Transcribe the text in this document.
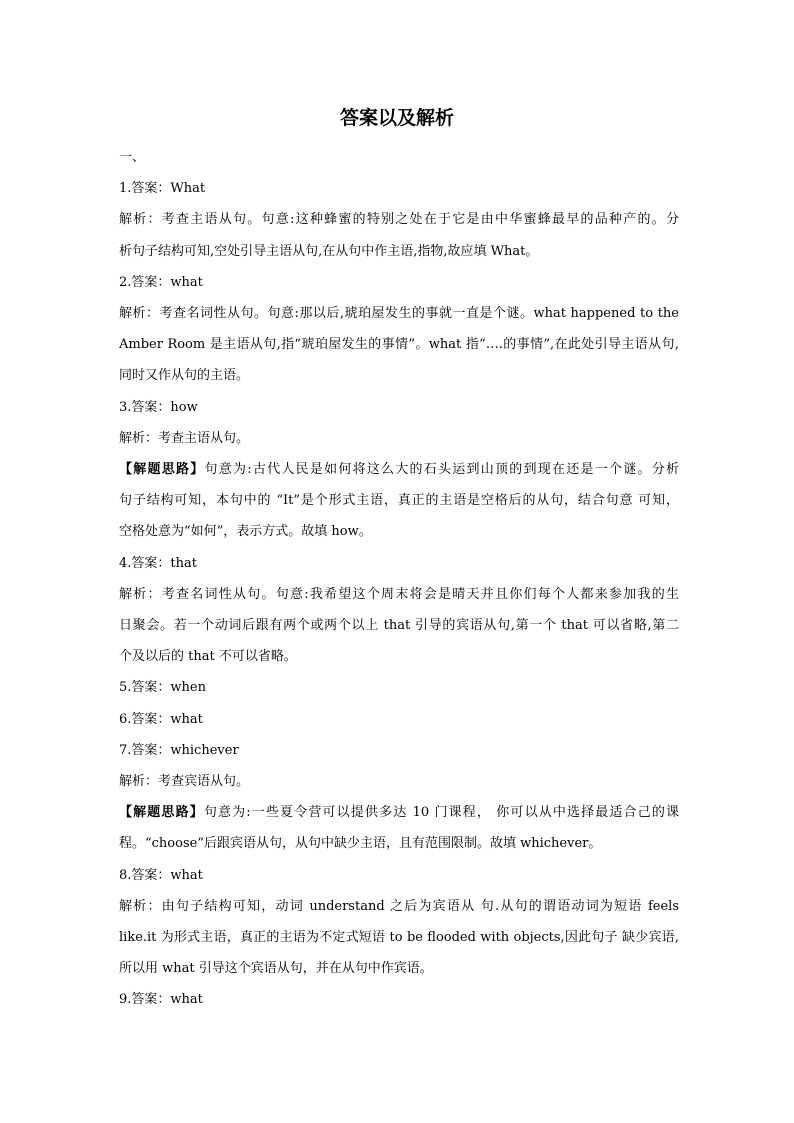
答案以及解析
一、
1.答案：What
解析：考查主语从句。句意:这种蜂蜜的特别之处在于它是由中华蜜蜂最早的品种产的。分
析句子结构可知,空处引导主语从句,在从句中作主语,指物,故应填 What。
2.答案：what
解析：考查名词性从句。句意:那以后,琥珀屋发生的事就一直是个谜。what happened to the
Amber Room 是主语从句,指“琥珀屋发生的事情”。what 指“….的事情”,在此处引导主语从句,
同时又作从句的主语。
3.答案：how
解析：考查主语从句。
【解题思路】句意为:古代人民是如何将这么大的石头运到山顶的到现在还是一个谜。分析
句子结构可知，本句中的 “It”是个形式主语，真正的主语是空格后的从句，结合句意 可知，
空格处意为“如何”，表示方式。故填 how。
4.答案：that
解析：考查名词性从句。句意:我希望这个周末将会是晴天并且你们每个人都来参加我的生
日聚会。若一个动词后跟有两个或两个以上 that 引导的宾语从句,第一个 that 可以省略,第二
个及以后的 that 不可以省略。
5.答案：when
6.答案：what
7.答案：whichever
解析：考查宾语从句。
【解题思路】句意为:一些夏令营可以提供多达 10 门课程， 你可以从中选择最适合己的课
程。“choose”后跟宾语从句，从句中缺少主语，且有范围限制。故填 whichever。
8.答案：what
解析：由句子结构可知，动词 understand 之后为宾语从 句.从句的谓语动词为短语 feels
like.it 为形式主语，真正的主语为不定式短语 to be flooded with objects,因此句子 缺少宾语,
所以用 what 引导这个宾语从句，并在从句中作宾语。
9.答案：what
